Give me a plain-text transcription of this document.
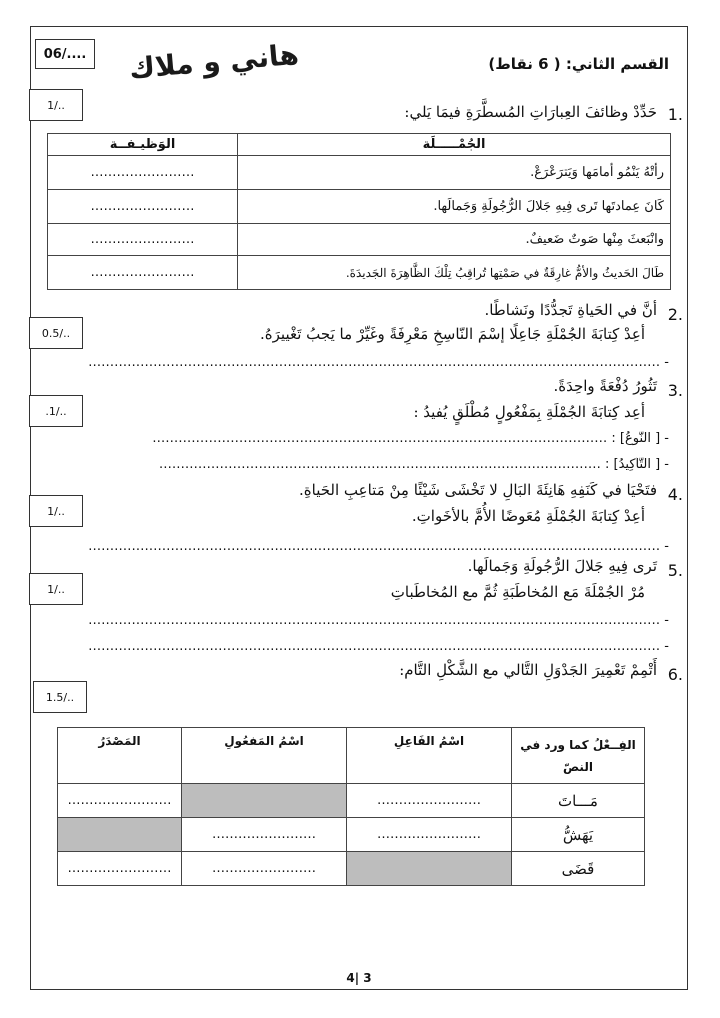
06/....	هاني و ملاك	القسم الثاني: ( 6 نقاط)
1/..	1.
حَدِّدْ وظائفَ العِبارَاتِ المُسطَّرَةِ فيمَا يَلي:
الجُمْـــــلَة	الوَظيـفــة
رأتْهُ يَنْمُو أمامَها وَيَترَعْرَعْ.	……………………
كَانَ عِمادتَها تَرى فِيهِ جَلالَ الرُّجُولَةِ وَجَمالَها.	……………………
وانْبَعثَ مِنْها صَوتٌ ضَعيفٌ.	……………………
طَالَ الحَديثُ والأمُّ غارِقَةٌ في صَمْتِها تُراقِبُ تِلْكَ الظَّاهِرَةَ الجَديدَةَ.	……………………
2.
أنَّ في الحَياةِ تَجدُّدًا ونَشاطًا.
0.5/..	أعِدْ كِتابَةَ الجُمْلَةِ جَاعِلًا إسْمَ النّاسِخِ مَعْرِفَةً وغَيِّرْ ما يَجبُ تَغْييرَهُ.
- ……………………………………………………………………………………………………………………
3.
تَثُورُ دُفْعَةً واحِدَةً.
.1/..	أعِد كِتابَةَ الجُمْلَةِ بِمَفْعُولٍ مُطْلَقٍ يُفيدُ :
- [ النَّوعُ] : ……………………………………………………………………………………………
- [ التَّأكِيدُ] : …………………………………………………………………………………………
4.
فتَحْيَا في كَنَفِهِ هَانِئَةَ البَالِ لا تَخْشَى شَيْئًا مِنْ مَتاعِبِ الحَياةِ.
1/..	أعِدْ كِتابَةَ الجُمْلَةِ مُعَوضًا الأُمَّ بالأخَواتِ.
- ……………………………………………………………………………………………………………………
5.
تَرى فِيهِ جَلالَ الرُّجُولَةِ وَجَمالَها.
1/..	مُرْ الجُمْلَةَ مَع المُخاطَبَةِ ثُمَّ مع المُخاطَباتِ
- ……………………………………………………………………………………………………………………
- ……………………………………………………………………………………………………………………
6.
أَتْمِمْ تَعْمِيرَ الجَدْوَلِ التَّالي مع الشَّكْلِ التَّام:
1.5/..
الفِــعْلُ كما ورد في النصّ	اسْمُ الفَاعِلِ	اسْمُ المَفعُولِ	المَصْدَرُ
مَـــاتَ	……………………		……………………
يَهَشُّ	……………………	……………………	
قَضَى		……………………	……………………
4| 3
